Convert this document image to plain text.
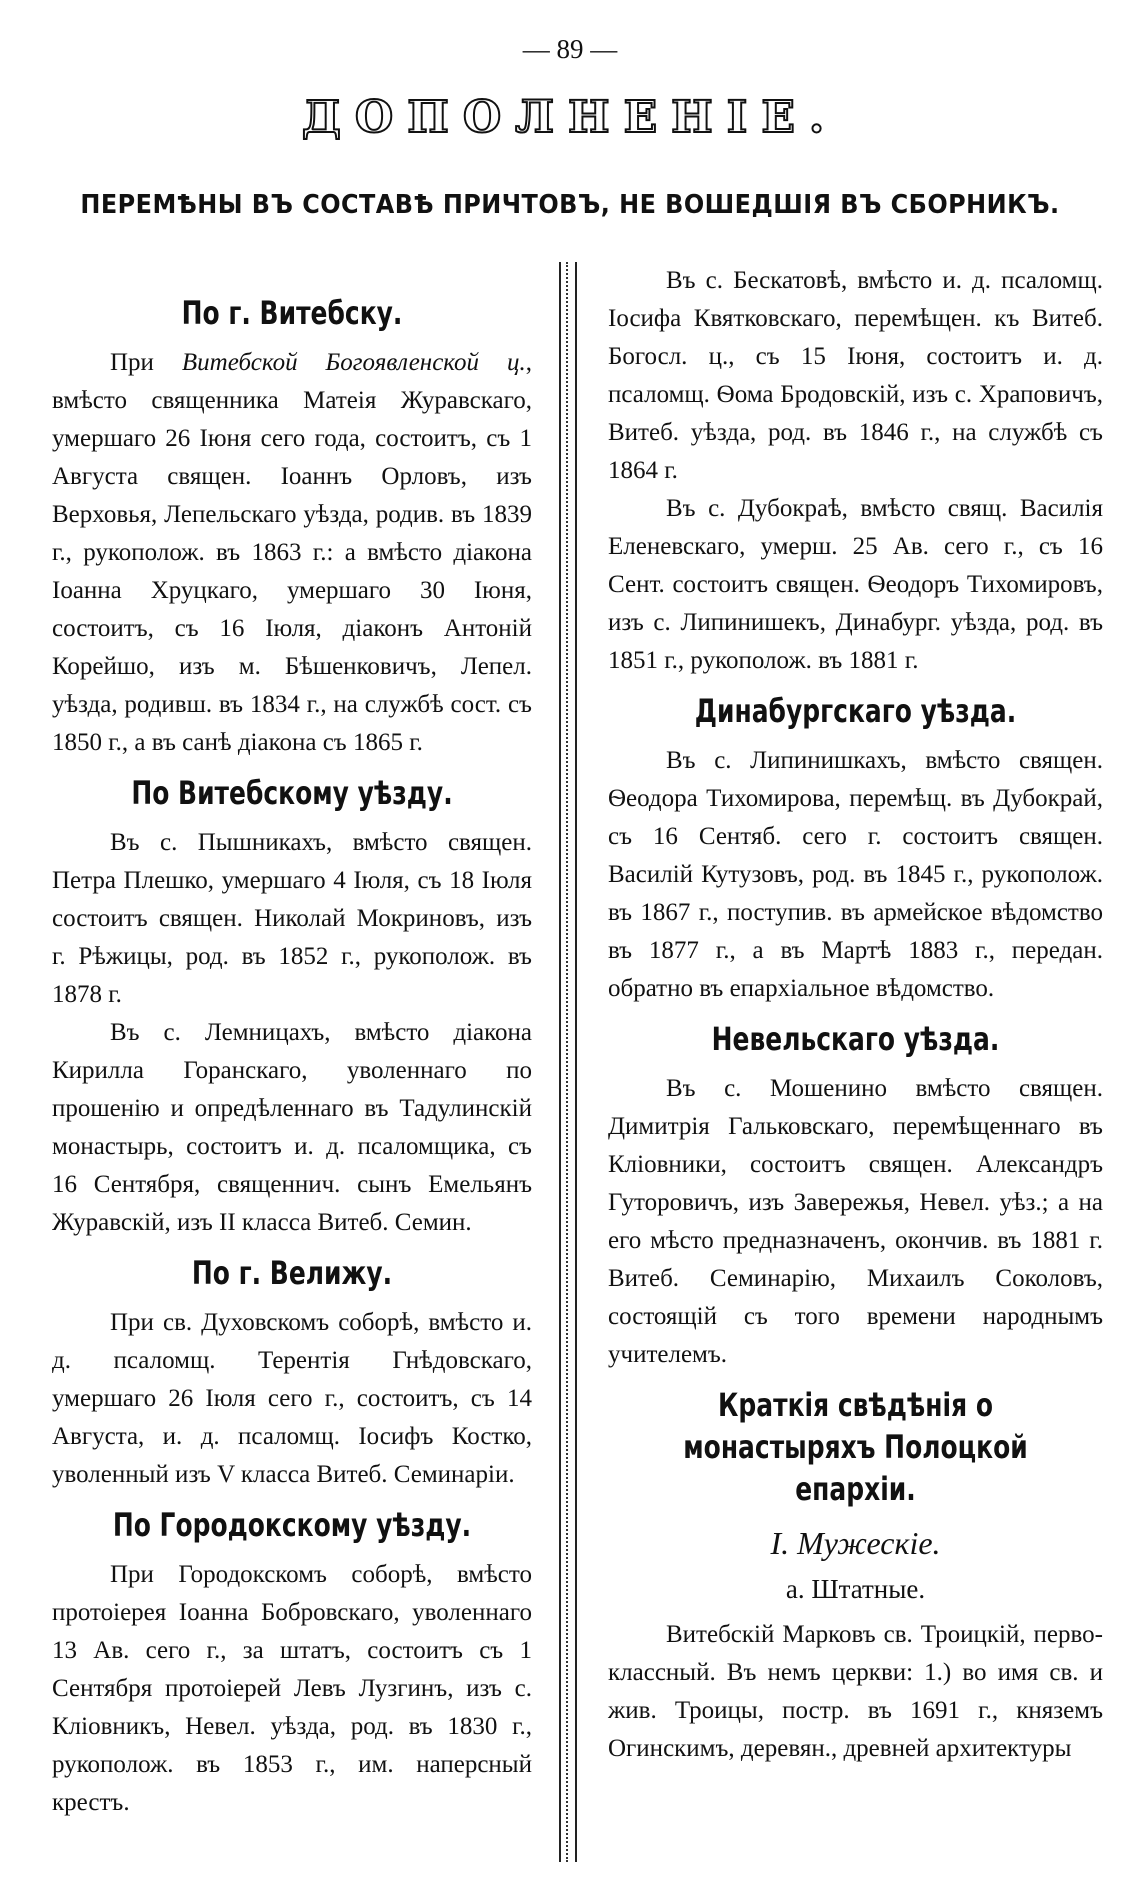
— 89 —
ДОПОЛНЕНІЕ.
ПЕРЕМѢНЫ ВЪ СОСТАВѢ ПРИЧТОВЪ, НЕ ВОШЕДШІЯ ВЪ СБОРНИКЪ.
По г. Витебску.

При Витебской Богоявленской ц., вмѣсто священника Матеія Журавскаго, умершаго 26 Іюня сего года, состоитъ, съ 1 Августа священ. Іоаннъ Орловъ, изъ Верховья, Лепельскаго уѣзда, родив. въ 1839 г., рукополож. въ 1863 г.: а вмѣсто діакона Іоанна Хруцкаго, умершаго 30 Іюня, состоитъ, съ 16 Іюля, діаконъ Антоній Корейшо, изъ м. Бѣшенковичъ, Лепел. уѣзда, родивш. въ 1834 г., на службѣ сост. съ 1850 г., а въ санѣ діакона съ 1865 г.

По Витебскому уѣзду.

Въ с. Пышникахъ, вмѣсто священ. Петра Плешко, умершаго 4 Іюля, съ 18 Іюля состоитъ священ. Николай Мокриновъ, изъ г. Рѣжицы, род. въ 1852 г., рукополож. въ 1878 г.

Въ с. Лемницахъ, вмѣсто діакона Кирилла Горанскаго, уволеннаго по прошенію и опредѣленнаго въ Тадулинскій монастырь, состоитъ и. д. псаломщика, съ 16 Сентября, священнич. сынъ Емельянъ Журавскій, изъ II класса Витеб. Семин.

По г. Велижу.

При св. Духовскомъ соборѣ, вмѣсто и. д. псаломщ. Терентія Гнѣдовскаго, умершаго 26 Іюля сего г., состоитъ, съ 14 Августа, и. д. псаломщ. Іосифъ Костко, уволенный изъ V класса Витеб. Семинаріи.

По Городокскому уѣзду.

При Городокскомъ соборѣ, вмѣсто протоіерея Іоанна Бобровскаго, уволеннаго 13 Ав. сего г., за штатъ, состоитъ съ 1 Сентября протоіерей Левъ Лузгинъ, изъ с. Кліовникъ, Невел. уѣзда, род. въ 1830 г., рукополож. въ 1853 г., им. наперсный крестъ.

Въ с. Бескатовѣ, вмѣсто и. д. псаломщ. Іосифа Квятковскаго, перемѣщен. къ Витеб. Богосл. ц., съ 15 Іюня, состоитъ и. д. псаломщ. Ѳома Бродовскій, изъ с. Храповичъ, Витеб. уѣзда, род. въ 1846 г., на службѣ съ 1864 г.

Въ с. Дубокраѣ, вмѣсто свящ. Василія Еленевскаго, умерш. 25 Ав. сего г., съ 16 Сент. состоитъ священ. Ѳеодоръ Тихомировъ, изъ с. Липинишекъ, Динабург. уѣзда, род. въ 1851 г., рукополож. въ 1881 г.

Динабургскаго уѣзда.

Въ с. Липинишкахъ, вмѣсто священ. Ѳеодора Тихомирова, перемѣщ. въ Дубокрай, съ 16 Сентяб. сего г. состоитъ священ. Василій Кутузовъ, род. въ 1845 г., рукополож. въ 1867 г., поступив. въ армейское вѣдомство въ 1877 г., а въ Мартѣ 1883 г., передан. обратно въ епархіальное вѣдомство.

Невельскаго уѣзда.

Въ с. Мошенино вмѣсто священ. Димитрія Гальковскаго, перемѣщеннаго въ Кліовники, состоитъ священ. Александръ Гуторовичъ, изъ Завережья, Невел. уѣз.; а на его мѣсто предназначенъ, окончив. въ 1881 г. Витеб. Семинарію, Михаилъ Соколовъ, состоящій съ того времени народнымъ учителемъ.

Краткія свѣдѣнія о монастыряхъ Полоцкой епархіи.
I. Мужескіе.
а. Штатные.

Витебскій Марковъ св. Троицкій, первоклассный. Въ немъ церкви: 1.) во имя св. и жив. Троицы, постр. въ 1691 г., княземъ Огинскимъ, деревян., древней архитектуры
